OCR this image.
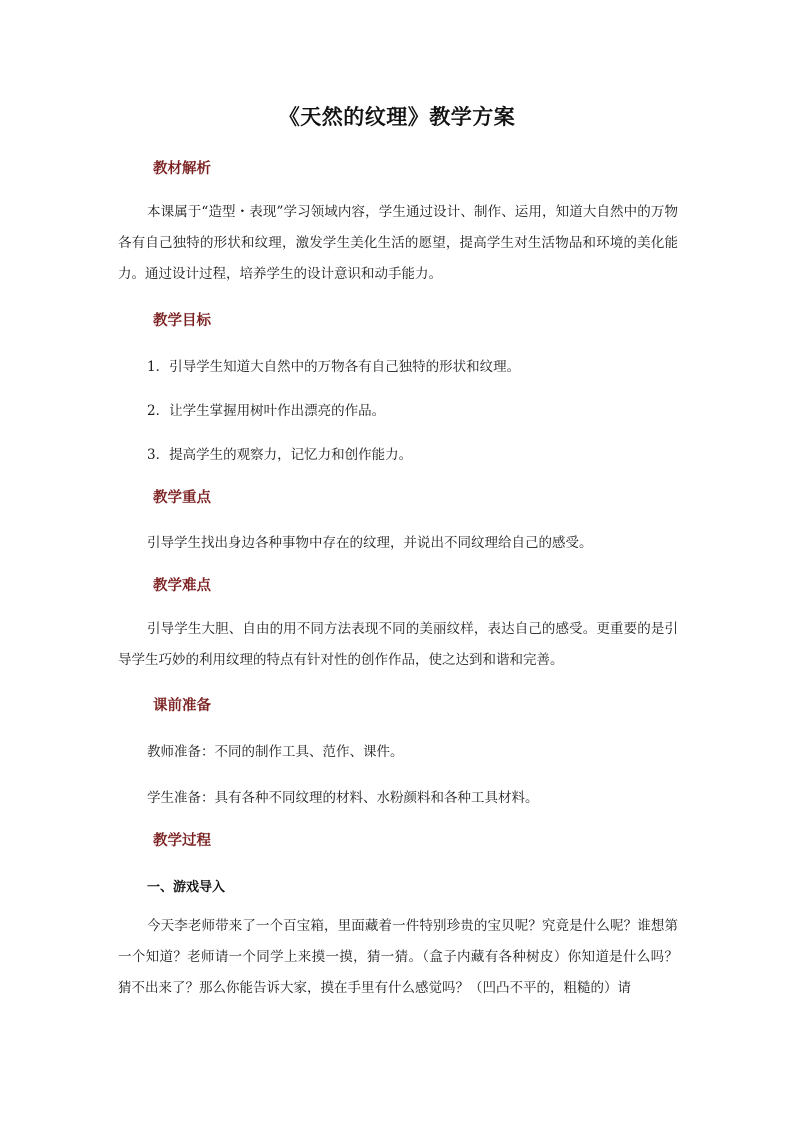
《天然的纹理》教学方案
教材解析

本课属于“造型・表现”学习领域内容，学生通过设计、制作、运用，知道大自然中的万物各有自己独特的形状和纹理，激发学生美化生活的愿望，提高学生对生活物品和环境的美化能力。通过设计过程，培养学生的设计意识和动手能力。

教学目标

1．引导学生知道大自然中的万物各有自己独特的形状和纹理。

2．让学生掌握用树叶作出漂亮的作品。

3．提高学生的观察力，记忆力和创作能力。

教学重点

引导学生找出身边各种事物中存在的纹理，并说出不同纹理给自己的感受。

教学难点

引导学生大胆、自由的用不同方法表现不同的美丽纹样，表达自己的感受。更重要的是引导学生巧妙的利用纹理的特点有针对性的创作作品，使之达到和谐和完善。

课前准备

教师准备：不同的制作工具、范作、课件。

学生准备：具有各种不同纹理的材料、水粉颜料和各种工具材料。

教学过程
一、游戏导入

今天李老师带来了一个百宝箱，里面藏着一件特别珍贵的宝贝呢？究竟是什么呢？谁想第一个知道？老师请一个同学上来摸一摸，猜一猜。（盒子内藏有各种树皮）你知道是什么吗？猜不出来了？那么你能告诉大家，摸在手里有什么感觉吗？（凹凸不平的，粗糙的）请
